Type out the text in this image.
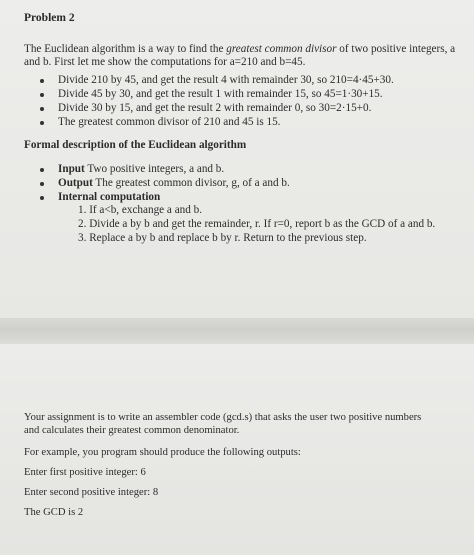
Problem 2
The Euclidean algorithm is a way to find the greatest common divisor of two positive integers, a
and b. First let me show the computations for a=210 and b=45.
Divide 210 by 45, and get the result 4 with remainder 30, so 210=4·45+30.
Divide 45 by 30, and get the result 1 with remainder 15, so 45=1·30+15.
Divide 30 by 15, and get the result 2 with remainder 0, so 30=2·15+0.
The greatest common divisor of 210 and 45 is 15.
Formal description of the Euclidean algorithm
Input Two positive integers, a and b.
Output The greatest common divisor, g, of a and b.
Internal computation
1. If a<b, exchange a and b.
2. Divide a by b and get the remainder, r. If r=0, report b as the GCD of a and b.
3. Replace a by b and replace b by r. Return to the previous step.
Your assignment is to write an assembler code (gcd.s) that asks the user two positive numbers
and calculates their greatest common denominator.
For example, you program should produce the following outputs:
Enter first positive integer: 6
Enter second positive integer: 8
The GCD is 2
